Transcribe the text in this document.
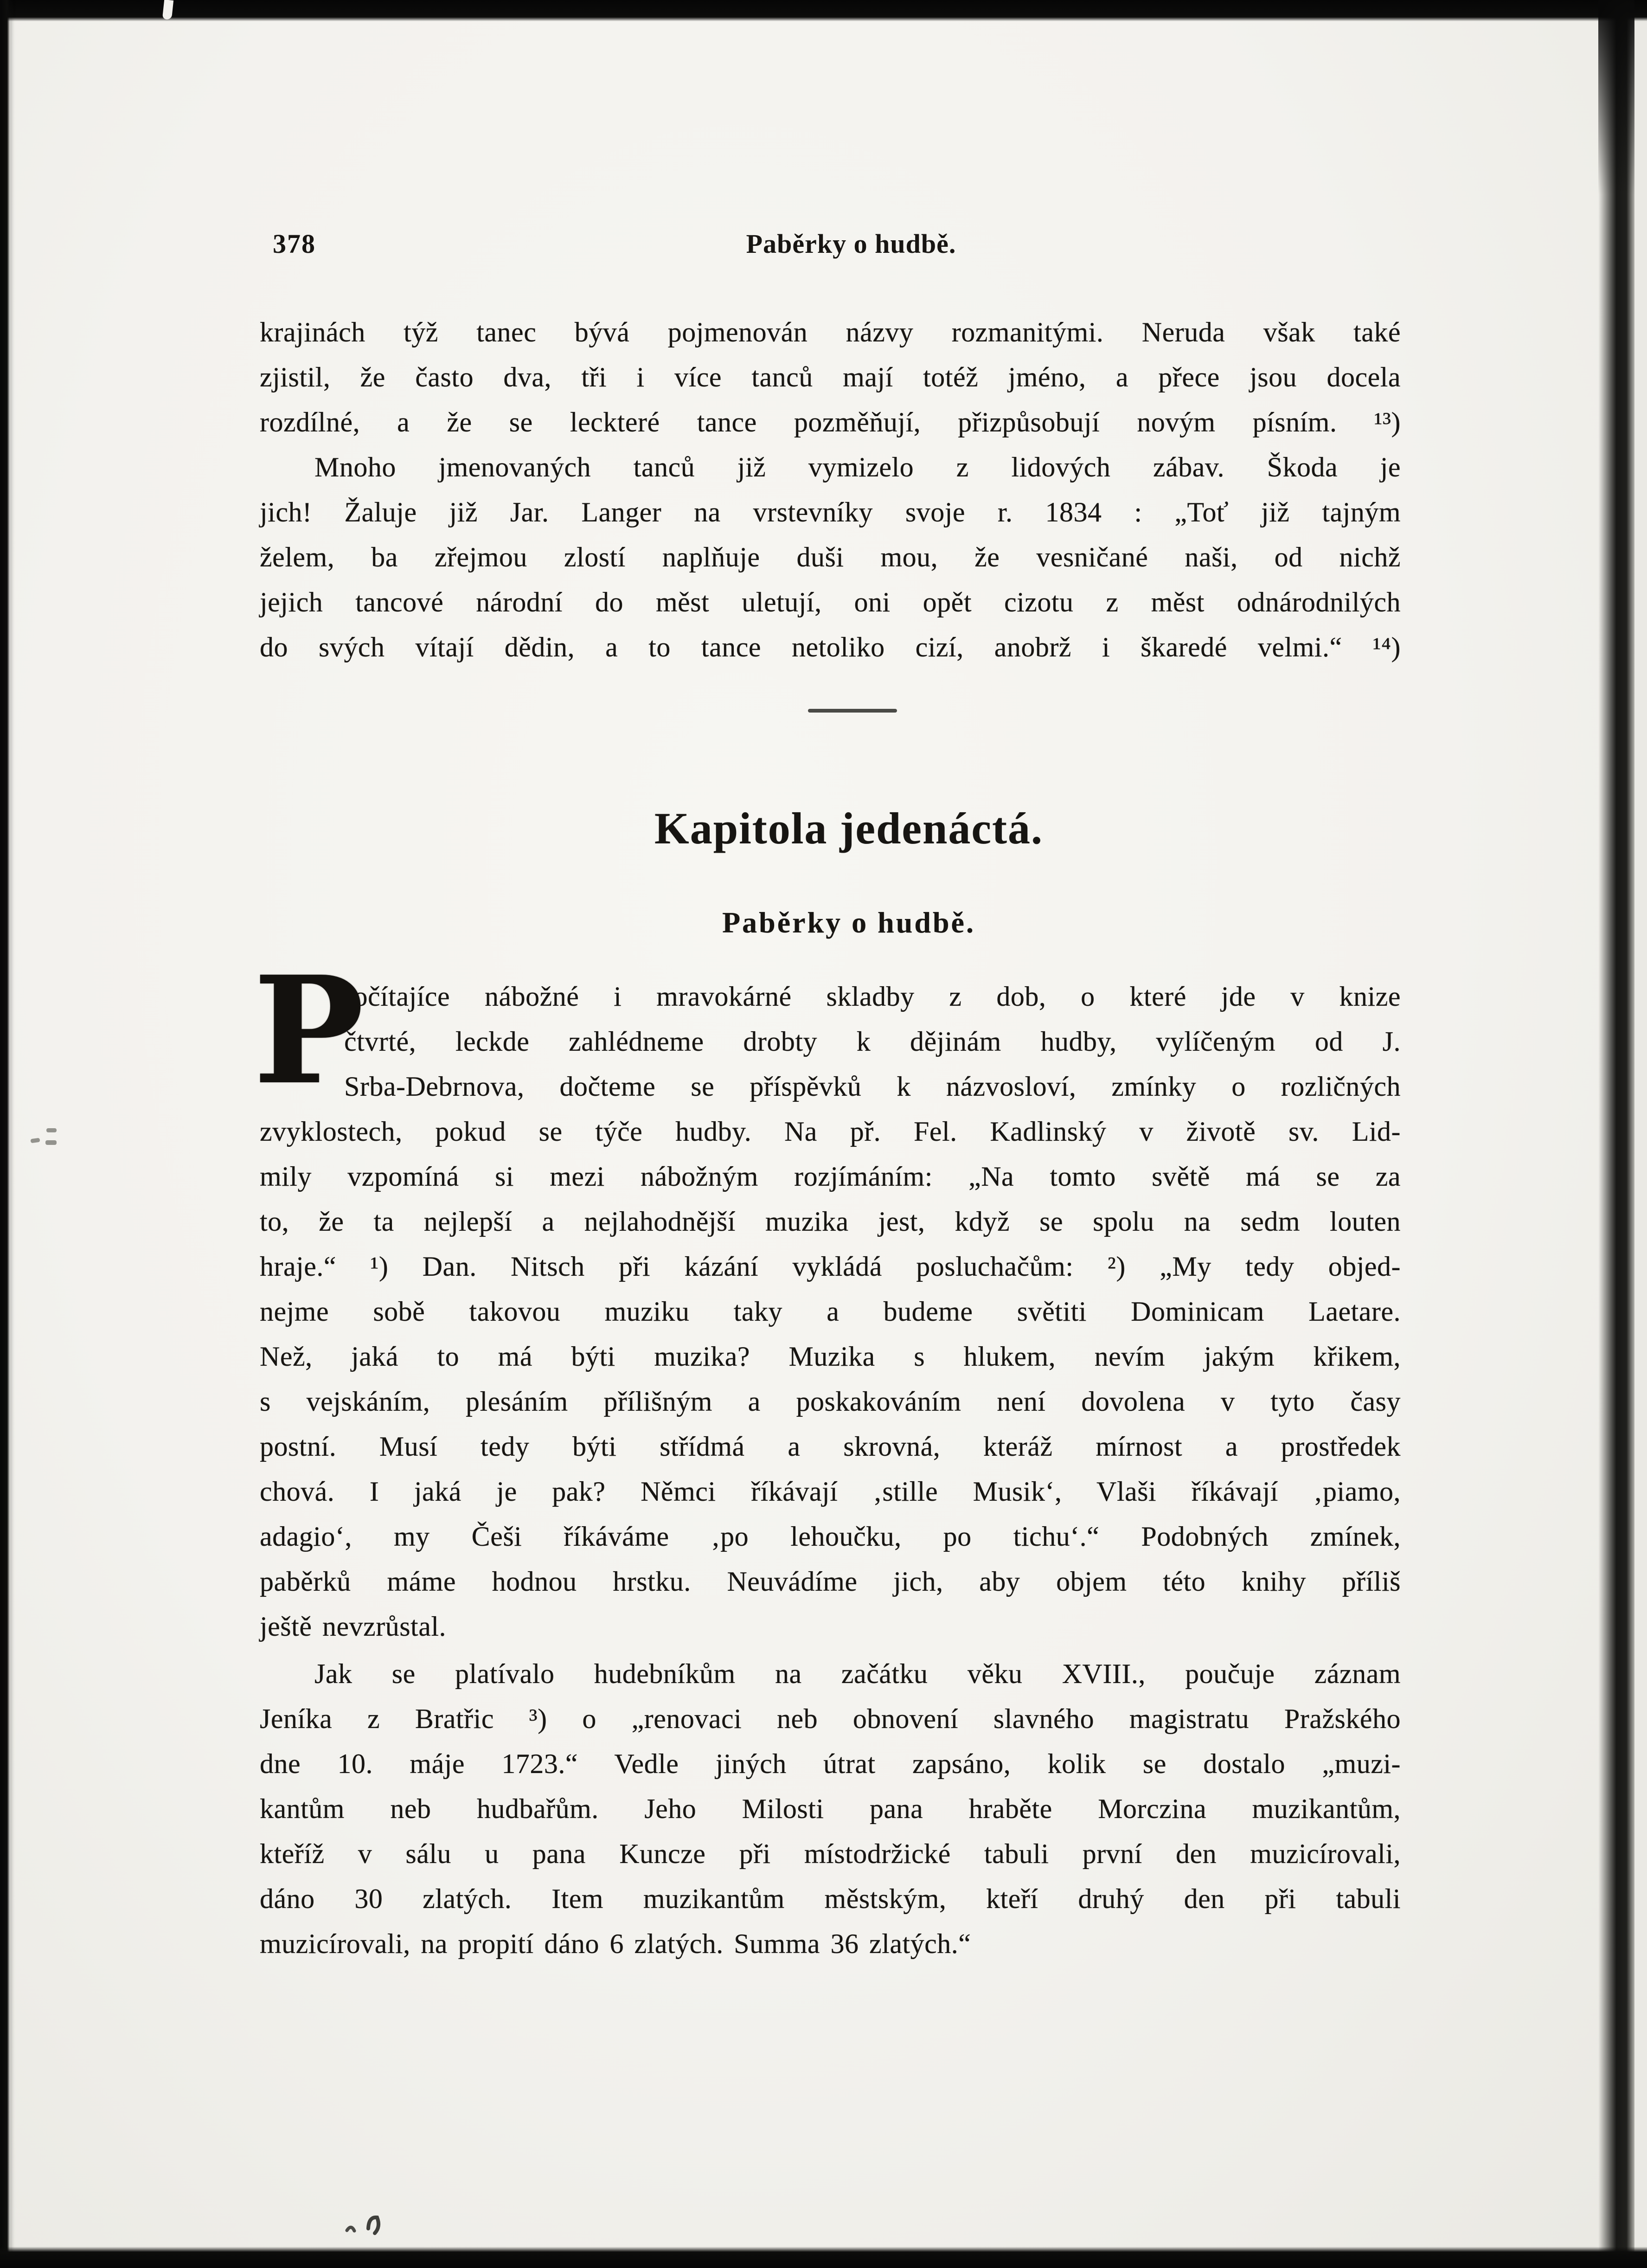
378	Paběrky o hudbě.
krajinách týž tanec bývá pojmenován názvy rozmanitými. Neruda však také
zjistil, že často dva, tři i více tanců mají totéž jméno, a přece jsou docela
rozdílné, a že se leckteré tance pozměňují, přizpůsobují novým písním. ¹³)
Mnoho jmenovaných tanců již vymizelo z lidových zábav. Škoda je
jich! Žaluje již Jar. Langer na vrstevníky svoje r. 1834 : „Toť již tajným
želem, ba zřejmou zlostí naplňuje duši mou, že vesničané naši, od nichž
jejich tancové národní do měst uletují, oni opět cizotu z měst odnárodnilých
do svých vítají dědin, a to tance netoliko cizí, anobrž i škaredé velmi.“ ¹⁴)
Kapitola jedenáctá.
Paběrky o hudbě.
P
ročítajíce nábožné i mravokárné skladby z dob, o které jde v knize
čtvrté, leckde zahlédneme drobty k dějinám hudby, vylíčeným od J.
Srba-Debrnova, dočteme se příspěvků k názvosloví, zmínky o rozličných
zvyklostech, pokud se týče hudby. Na př. Fel. Kadlinský v životě sv. Lid-
mily vzpomíná si mezi nábožným rozjímáním: „Na tomto světě má se za
to, že ta nejlepší a nejlahodnější muzika jest, když se spolu na sedm louten
hraje.“ ¹) Dan. Nitsch při kázání vykládá posluchačům: ²) „My tedy objed-
nejme sobě takovou muziku taky a budeme světiti Dominicam Laetare.
Než, jaká to má býti muzika? Muzika s hlukem, nevím jakým křikem,
s vejskáním, plesáním přílišným a poskakováním není dovolena v tyto časy
postní. Musí tedy býti střídmá a skrovná, kteráž mírnost a prostředek
chová. I jaká je pak? Němci říkávají ‚stille Musik‘, Vlaši říkávají ‚piamo,
adagio‘, my Češi říkáváme ‚po lehoučku, po tichu‘.“ Podobných zmínek,
paběrků máme hodnou hrstku. Neuvádíme jich, aby objem této knihy příliš
ještě nevzrůstal.
Jak se platívalo hudebníkům na začátku věku XVIII., poučuje záznam
Jeníka z Bratřic ³) o „renovaci neb obnovení slavného magistratu Pražského
dne 10. máje 1723.“ Vedle jiných útrat zapsáno, kolik se dostalo „muzi-
kantům neb hudbařům. Jeho Milosti pana hraběte Morczina muzikantům,
kteříž v sálu u pana Kuncze při místodržické tabuli první den muzicírovali,
dáno 30 zlatých. Item muzikantům městským, kteří druhý den při tabuli
muzicírovali, na propití dáno 6 zlatých. Summa 36 zlatých.“
